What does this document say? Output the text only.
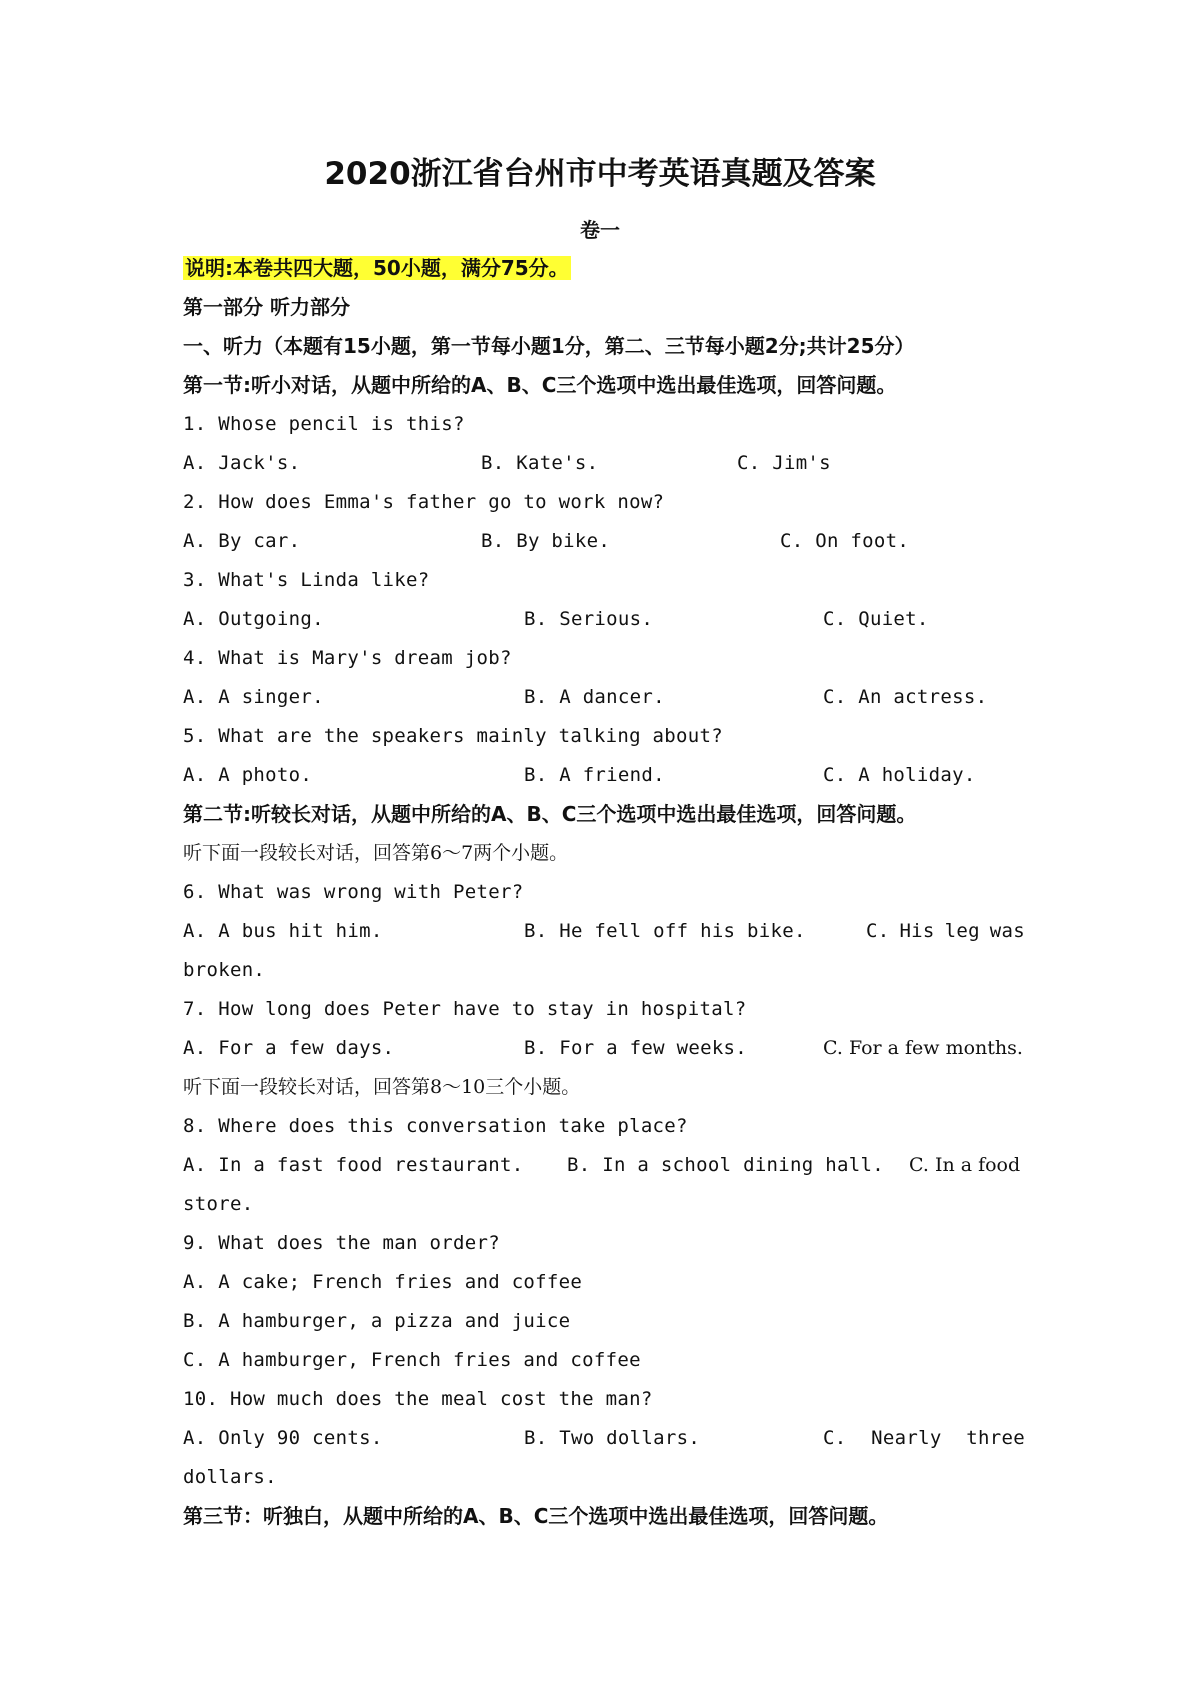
2020浙江省台州市中考英语真题及答案
卷一
说明:本卷共四大题，50小题，满分75分。
第一部分 听力部分
一、听力（本题有15小题，第一节每小题1分，第二、三节每小题2分;共计25分）
第一节:听小对话，从题中所给的A、B、C三个选项中选出最佳选项，回答问题。
1. Whose pencil is this?
A. Jack's.	B. Kate's.	C. Jim's
2. How does Emma's father go to work now?
A. By car.	B. By bike.	C. On foot.
3. What's Linda like?
A. Outgoing.	B. Serious.	C. Quiet.
4. What is Mary's dream job?
A. A singer.	B. A dancer.	C. An actress.
5. What are the speakers mainly talking about?
A. A photo.	B. A friend.	C. A holiday.
第二节:听较长对话，从题中所给的A、B、C三个选项中选出最佳选项，回答问题。
听下面一段较长对话，回答第6～7两个小题。
6. What was wrong with Peter?
A. A bus hit him.	B. He fell off his bike.	C. His leg was
broken.
7. How long does Peter have to stay in hospital?
A. For a few days.	B. For a few weeks.	C. For a few months.
听下面一段较长对话，回答第8～10三个小题。
8. Where does this conversation take place?
A. In a fast food restaurant. B. In a school dining hall. C. In a food
store.
9. What does the man order?
A. A cake; French fries and coffee
B. A hamburger, a pizza and juice
C. A hamburger, French fries and coffee
10. How much does the meal cost the man?
A. Only 90 cents.	B. Two dollars.	C. Nearly three
dollars.
第三节：听独白，从题中所给的A、B、C三个选项中选出最佳选项，回答问题。
